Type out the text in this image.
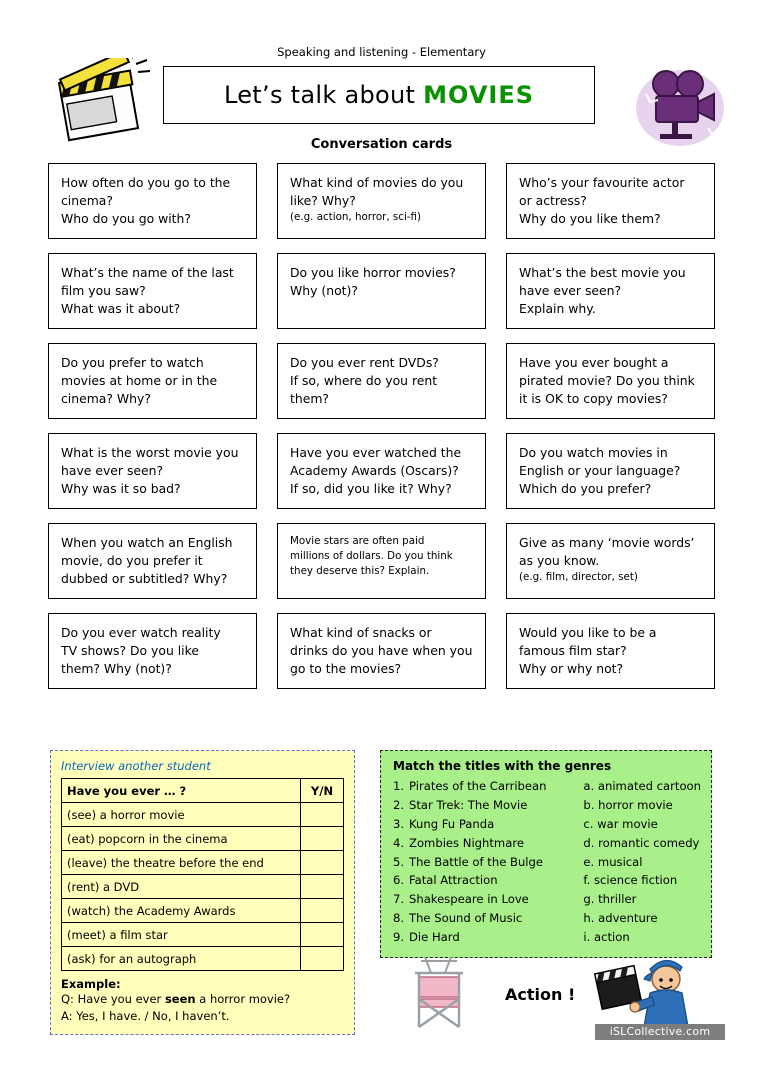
Speaking and listening - Elementary
Let’s talk about MOVIES
Conversation cards

How often do you go to the

cinema?

Who do you go with?

What kind of movies do you

like? Why?

(e.g. action, horror, sci-fi)

Who’s your favourite actor

or actress?

Why do you like them?

What’s the name of the last

film you saw?

What was it about?

Do you like horror movies?

Why (not)?

What’s the best movie you

have ever seen?

Explain why.

Do you prefer to watch

movies at home or in the

cinema? Why?

Do you ever rent DVDs?

If so, where do you rent

them?

Have you ever bought a

pirated movie? Do you think

it is OK to copy movies?

What is the worst movie you

have ever seen?

Why was it so bad?

Have you ever watched the

Academy Awards (Oscars)?

If so, did you like it? Why?

Do you watch movies in

English or your language?

Which do you prefer?

When you watch an English

movie, do you prefer it

dubbed or subtitled? Why?

Movie stars are often paid

millions of dollars. Do you think

they deserve this? Explain.

Give as many ‘movie words’

as you know.

(e.g. film, director, set)

Do you ever watch reality

TV shows? Do you like

them? Why (not)?

What kind of snacks or

drinks do you have when you

go to the movies?

Would you like to be a

famous film star?

Why or why not?

Interview another student
Have you ever … ?	Y/N
(see) a horror movie	
(eat) popcorn in the cinema	
(leave) the theatre before the end	
(rent) a DVD	
(watch) the Academy Awards	
(meet) a film star	
(ask) for an autograph	
Example:
Q: Have you ever seen a horror movie?
A: Yes, I have. / No, I haven’t.
Match the titles with the genres
1. Pirates of the Carribean
2. Star Trek: The Movie
3. Kung Fu Panda
4. Zombies Nightmare
5. The Battle of the Bulge
6. Fatal Attraction
7. Shakespeare in Love
8. The Sound of Music
9. Die Hard
a. animated cartoon
b. horror movie
c. war movie
d. romantic comedy
e. musical
f. science fiction
g. thriller
h. adventure
i. action
Action !
iSLCollective.com
